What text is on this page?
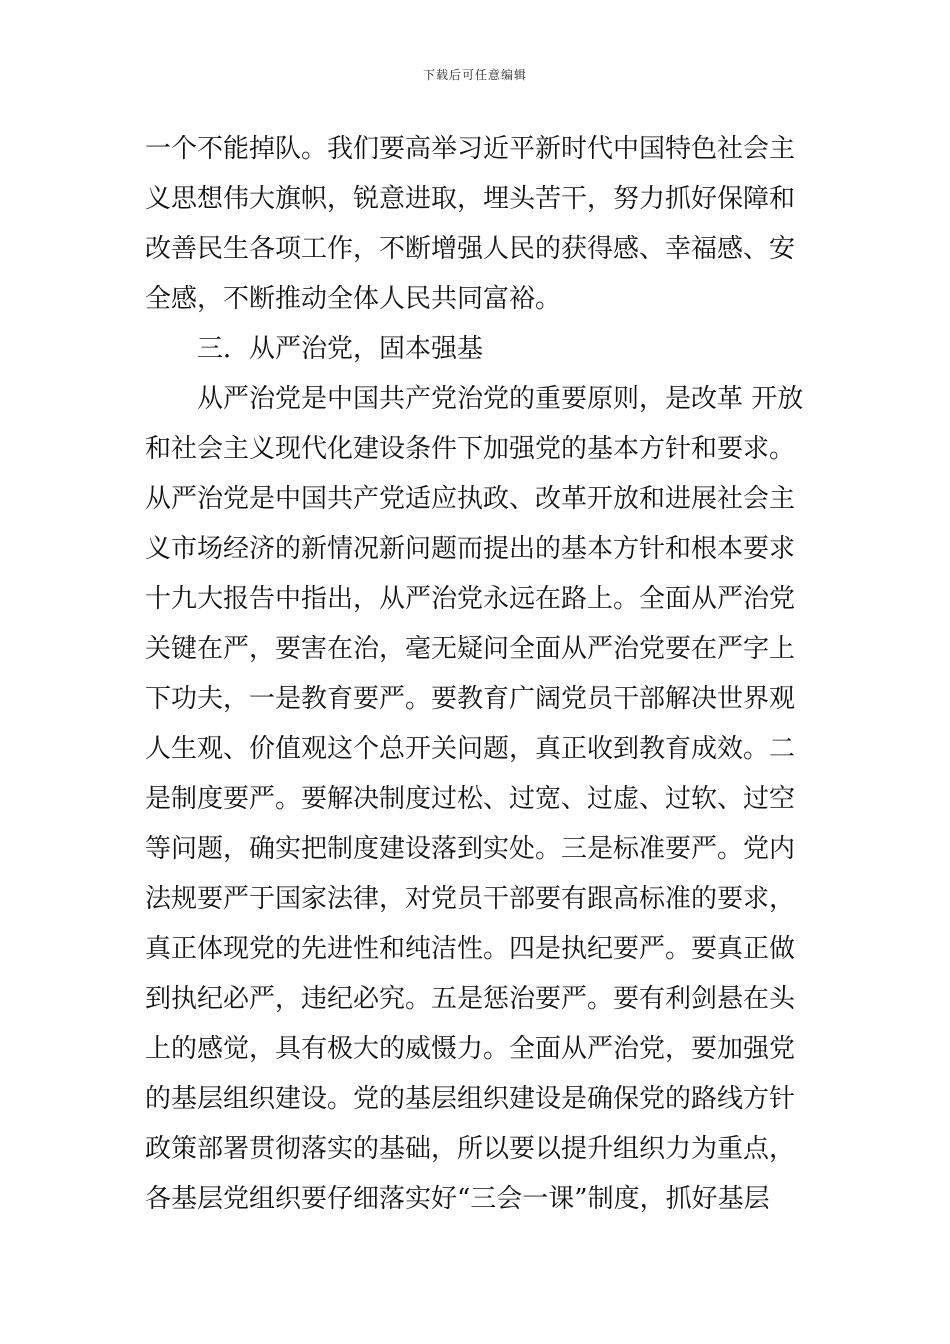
下载后可任意编辑
一个不能掉队。我们要高举习近平新时代中国特色社会主
义思想伟大旗帜，锐意进取，埋头苦干，努力抓好保障和
改善民生各项工作，不断增强人民的获得感、幸福感、安
全感，不断推动全体人民共同富裕。
三．从严治党，固本强基
从严治党是中国共产党治党的重要原则，是改革 开放
和社会主义现代化建设条件下加强党的基本方针和要求。
从严治党是中国共产党适应执政、改革开放和进展社会主
义市场经济的新情况新问题而提出的基本方针和根本要求
十九大报告中指出，从严治党永远在路上。全面从严治党
关键在严，要害在治，毫无疑问全面从严治党要在严字上
下功夫，一是教育要严。要教育广阔党员干部解决世界观
人生观、价值观这个总开关问题，真正收到教育成效。二
是制度要严。要解决制度过松、过宽、过虚、过软、过空
等问题，确实把制度建设落到实处。三是标准要严。党内
法规要严于国家法律，对党员干部要有跟高标准的要求，
真正体现党的先进性和纯洁性。四是执纪要严。要真正做
到执纪必严，违纪必究。五是惩治要严。要有利剑悬在头
上的感觉，具有极大的威慑力。全面从严治党，要加强党
的基层组织建设。党的基层组织建设是确保党的路线方针
政策部署贯彻落实的基础，所以要以提升组织力为重点，
各基层党组织要仔细落实好“三会一课”制度，抓好基层
